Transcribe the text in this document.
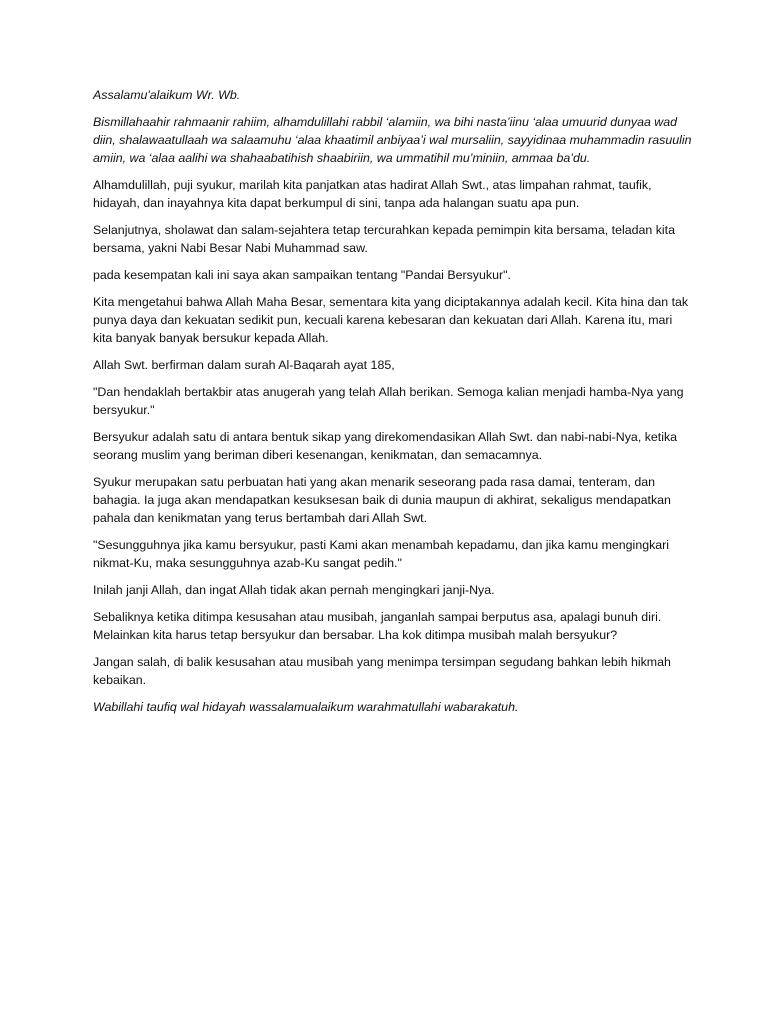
Assalamu'alaikum Wr. Wb.

Bismillahaahir rahmaanir rahiim, alhamdulillahi rabbil ‘alamiin, wa bihi nasta’iinu ‘alaa umuurid dunyaa wad diin, shalawaatullaah wa salaamuhu ‘alaa khaatimil anbiyaa’i wal mursaliin, sayyidinaa muhammadin rasuulin amiin, wa ‘alaa aalihi wa shahaabatihish shaabiriin, wa ummatihil mu’miniin, ammaa ba’du.

Alhamdulillah, puji syukur, marilah kita panjatkan atas hadirat Allah Swt., atas limpahan rahmat, taufik, hidayah, dan inayahnya kita dapat berkumpul di sini, tanpa ada halangan suatu apa pun.

Selanjutnya, sholawat dan salam-sejahtera tetap tercurahkan kepada pemimpin kita bersama, teladan kita bersama, yakni Nabi Besar Nabi Muhammad saw.

pada kesempatan kali ini saya akan sampaikan tentang "Pandai Bersyukur".

Kita mengetahui bahwa Allah Maha Besar, sementara kita yang diciptakannya adalah kecil. Kita hina dan tak punya daya dan kekuatan sedikit pun, kecuali karena kebesaran dan kekuatan dari Allah. Karena itu, mari kita banyak banyak bersukur kepada Allah.

Allah Swt. berfirman dalam surah Al-Baqarah ayat 185,

"Dan hendaklah bertakbir atas anugerah yang telah Allah berikan. Semoga kalian menjadi hamba-Nya yang bersyukur."

Bersyukur adalah satu di antara bentuk sikap yang direkomendasikan Allah Swt. dan nabi-nabi-Nya, ketika seorang muslim yang beriman diberi kesenangan, kenikmatan, dan semacamnya.

Syukur merupakan satu perbuatan hati yang akan menarik seseorang pada rasa damai, tenteram, dan bahagia. Ia juga akan mendapatkan kesuksesan baik di dunia maupun di akhirat, sekaligus mendapatkan pahala dan kenikmatan yang terus bertambah dari Allah Swt.

"Sesungguhnya jika kamu bersyukur, pasti Kami akan menambah kepadamu, dan jika kamu mengingkari nikmat-Ku, maka sesungguhnya azab-Ku sangat pedih."

Inilah janji Allah, dan ingat Allah tidak akan pernah mengingkari janji-Nya.

Sebaliknya ketika ditimpa kesusahan atau musibah, janganlah sampai berputus asa, apalagi bunuh diri. Melainkan kita harus tetap bersyukur dan bersabar. Lha kok ditimpa musibah malah bersyukur?

Jangan salah, di balik kesusahan atau musibah yang menimpa tersimpan segudang bahkan lebih hikmah kebaikan.

Wabillahi taufiq wal hidayah wassalamualaikum warahmatullahi wabarakatuh.
